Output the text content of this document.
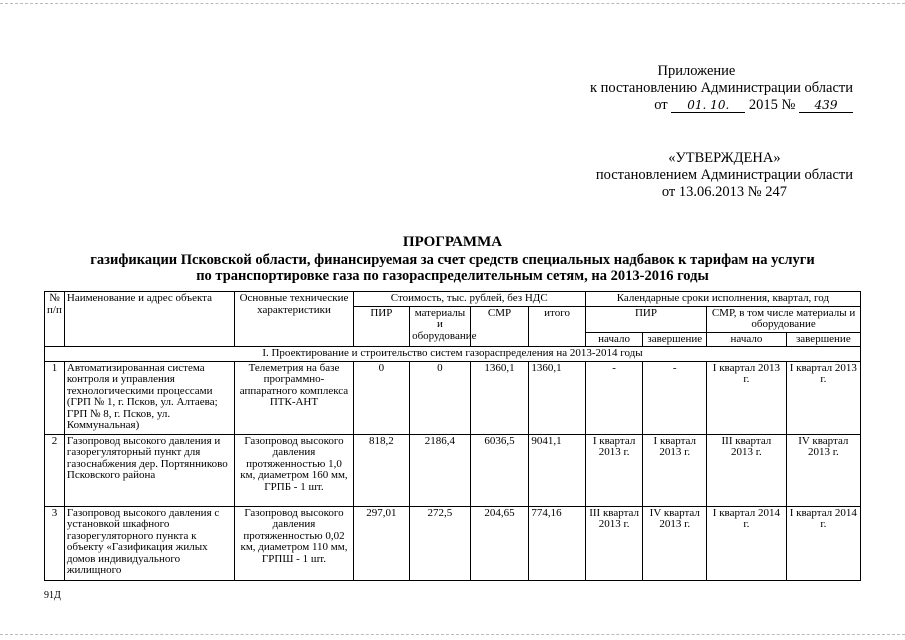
Приложение
к постановлению Администрации области
от 01. 10. 2015 № 439
«УТВЕРЖДЕНА»
постановлением Администрации области
от 13.06.2013 № 247
ПРОГРАММА
газификации Псковской области, финансируемая за счет средств специальных надбавок к тарифам на услуги
по транспортировке газа по газораспределительным сетям, на 2013-2016 годы
№ п/п	Наименование и адрес объекта	Основные технические характеристики	Стоимость, тыс. рублей, без НДС				Календарные сроки исполнения, квартал, год			
			ПИР	материалы и оборудование	СМР	итого	ПИР		СМР, в том числе материалы и оборудование	
							начало	завершение	начало	завершение
I. Проектирование и строительство систем газораспределения на 2013-2014 годы										
1	Автоматизированная система контроля и управления технологическими процессами (ГРП № 1, г. Псков, ул. Алтаева; ГРП № 8, г. Псков, ул. Коммунальная)	Телеметрия на базе программно-аппаратного комплекса ПТК-АНТ	0	0	1360,1	1360,1	-	-	I квартал 2013 г.	I квартал 2013 г.
2	Газопровод высокого давления и газорегуляторный пункт для газоснабжения дер. Портянниково Псковского района	Газопровод высокого давления протяженностью 1,0 км, диаметром 160 мм, ГРПБ - 1 шт.	818,2	2186,4	6036,5	9041,1	I квартал 2013 г.	I квартал 2013 г.	III квартал 2013 г.	IV квартал 2013 г.
3	Газопровод высокого давления с установкой шкафного газорегуляторного пункта к объекту «Газификация жилых домов индивидуального жилищного	Газопровод высокого давления протяженностью 0,02 км, диаметром 110 мм, ГРПШ - 1 шт.	297,01	272,5	204,65	774,16	III квартал 2013 г.	IV квартал 2013 г.	I квартал 2014 г.	I квартал 2014 г.
91Д
